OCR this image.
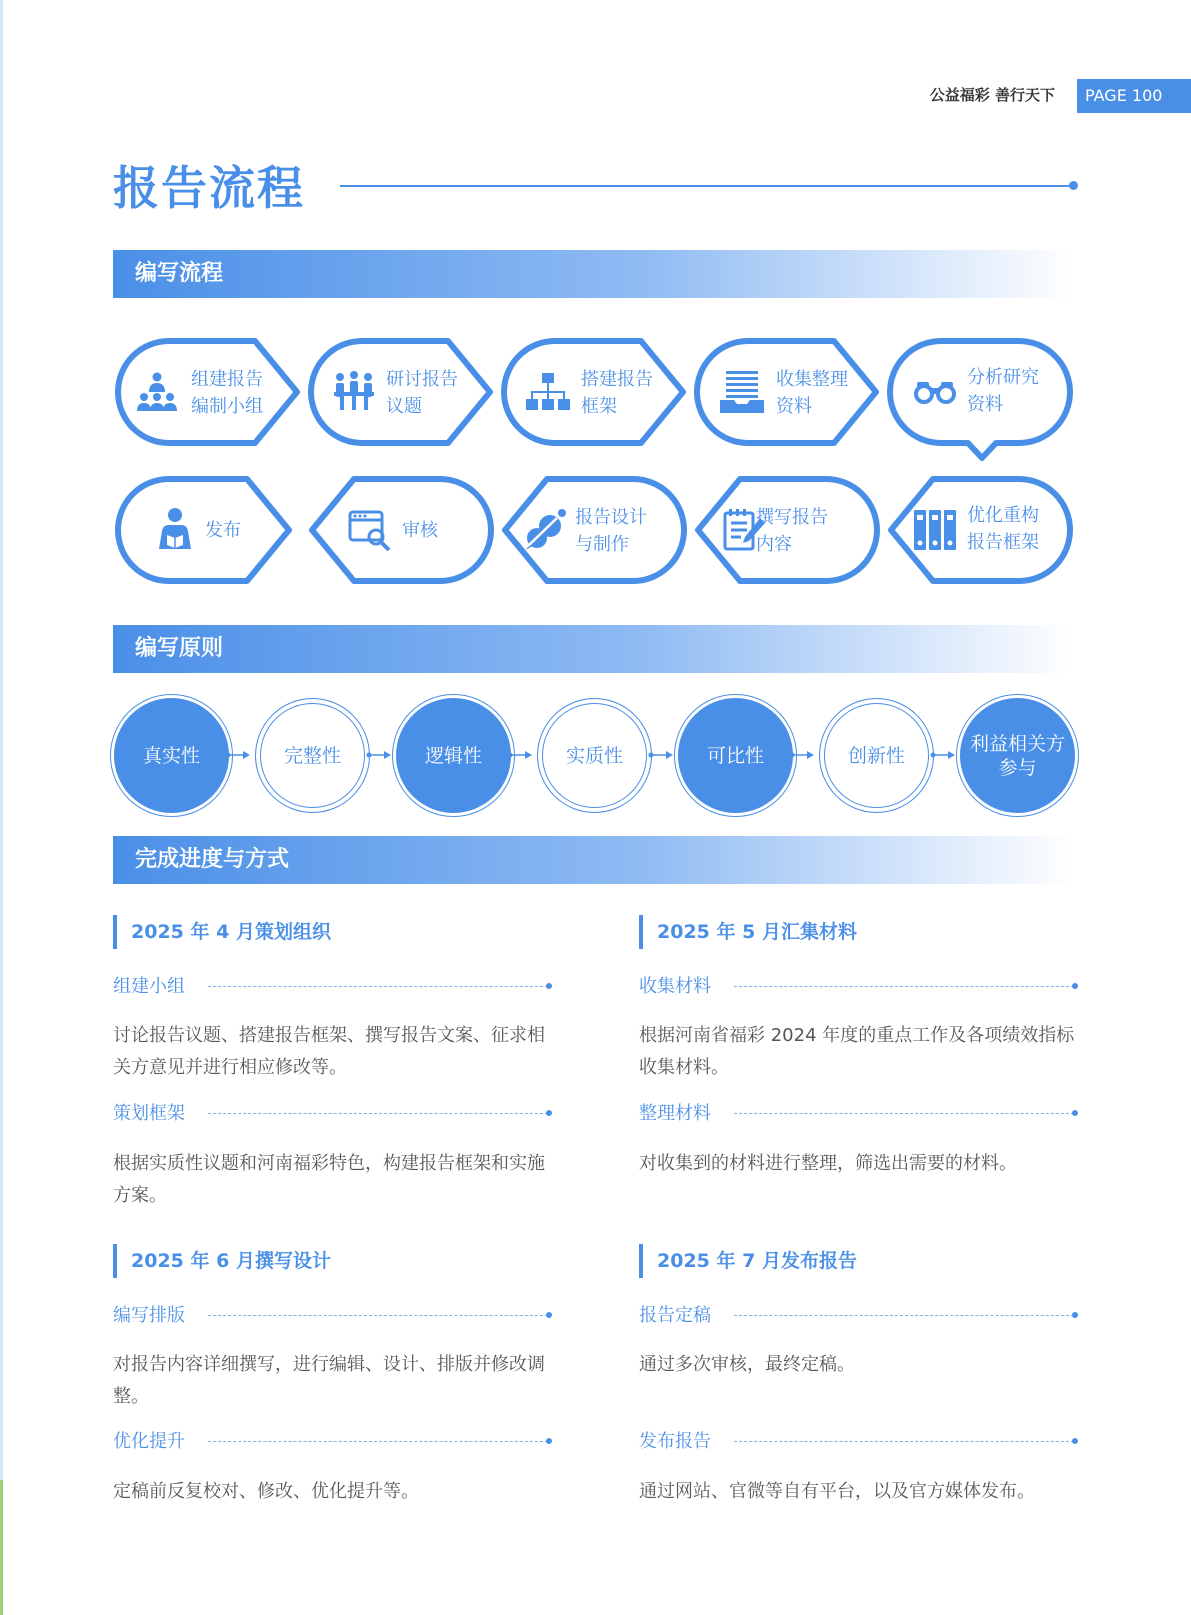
公益福彩 善行天下	PAGE 100
报告流程
编写流程
组建报告
编制小组
研讨报告
议题
搭建报告
框架
收集整理
资料
分析研究
资料
优化重构
报告框架
撰写报告
内容
报告设计
与制作
审核
发布
编写原则
真实性	完整性	逻辑性	实质性	可比性	创新性
利益相关方参与
完成进度与方式
2025 年 4 月策划组织
组建小组
讨论报告议题、搭建报告框架、撰写报告文案、征求相关方意见并进行相应修改等。
策划框架
根据实质性议题和河南福彩特色，构建报告框架和实施方案。
2025 年 5 月汇集材料
收集材料
根据河南省福彩 2024 年度的重点工作及各项绩效指标收集材料。
整理材料
对收集到的材料进行整理，筛选出需要的材料。
2025 年 6 月撰写设计
编写排版
对报告内容详细撰写，进行编辑、设计、排版并修改调整。
优化提升
定稿前反复校对、修改、优化提升等。
2025 年 7 月发布报告
报告定稿
通过多次审核，最终定稿。
发布报告
通过网站、官微等自有平台，以及官方媒体发布。
